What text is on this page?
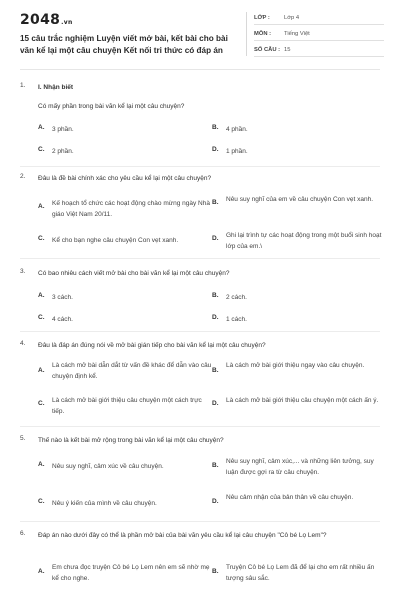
2048.vn
15 câu trắc nghiệm Luyện viết mở bài, kết bài cho bài văn kể lại một câu chuyện Kết nối tri thức có đáp án
LỚP : Lớp 4
MÔN : Tiếng Việt
SỐ CÂU : 15
1. I. Nhận biết
Có mấy phần trong bài văn kể lại một câu chuyện?
A. 3 phần.	B. 4 phần.
C. 2 phần.	D. 1 phần.
2. Đâu là đề bài chính xác cho yêu cầu kể lại một câu chuyện?
A. Kế hoạch tổ chức các hoạt động chào mừng ngày Nhà giáo Việt Nam 20/11.
B. Nêu suy nghĩ của em về câu chuyện Con vẹt xanh.
C. Kể cho bạn nghe câu chuyện Con vẹt xanh.	D. Ghi lại trình tự các hoạt động trong một buổi sinh hoạt lớp của em.\
3. Có bao nhiêu cách viết mở bài cho bài văn kể lại một câu chuyện?
A. 3 cách.	B. 2 cách.
C. 4 cách.	D. 1 cách.
4. Đâu là đáp án đúng nói về mở bài gián tiếp cho bài văn kể lại một câu chuyện?
A.
Là cách mở bài dẫn dắt từ vấn đề khác để dẫn vào câu chuyện định kể.
B.
Là cách mở bài giới thiệu ngay vào câu chuyện.
C. Là cách mở bài giới thiệu câu chuyện một cách trực tiếp.
D. Là cách mở bài giới thiệu câu chuyện một cách ấn ý.
5. Thế nào là kết bài mở rộng trong bài văn kể lại một câu chuyện?
A. Nêu suy nghĩ, cảm xúc về câu chuyện.	B.
Nêu suy nghĩ, cảm xúc,... và những liên tưởng, suy luận được gợi ra từ câu chuyện.
C. Nêu ý kiến của mình về câu chuyện.	D.
Nêu cảm nhận của bản thân về câu chuyện.
6. Đáp án nào dưới đây có thể là phần mở bài của bài văn yêu cầu kể lại câu chuyện "Cô bé Lọ Lem"?
A.
Em chưa đọc truyện Cô bé Lọ Lem nên em sẽ nhờ mẹ kể cho nghe.
B.
Truyện Cô bé Lọ Lem đã để lại cho em rất nhiều ấn tượng sâu sắc.
